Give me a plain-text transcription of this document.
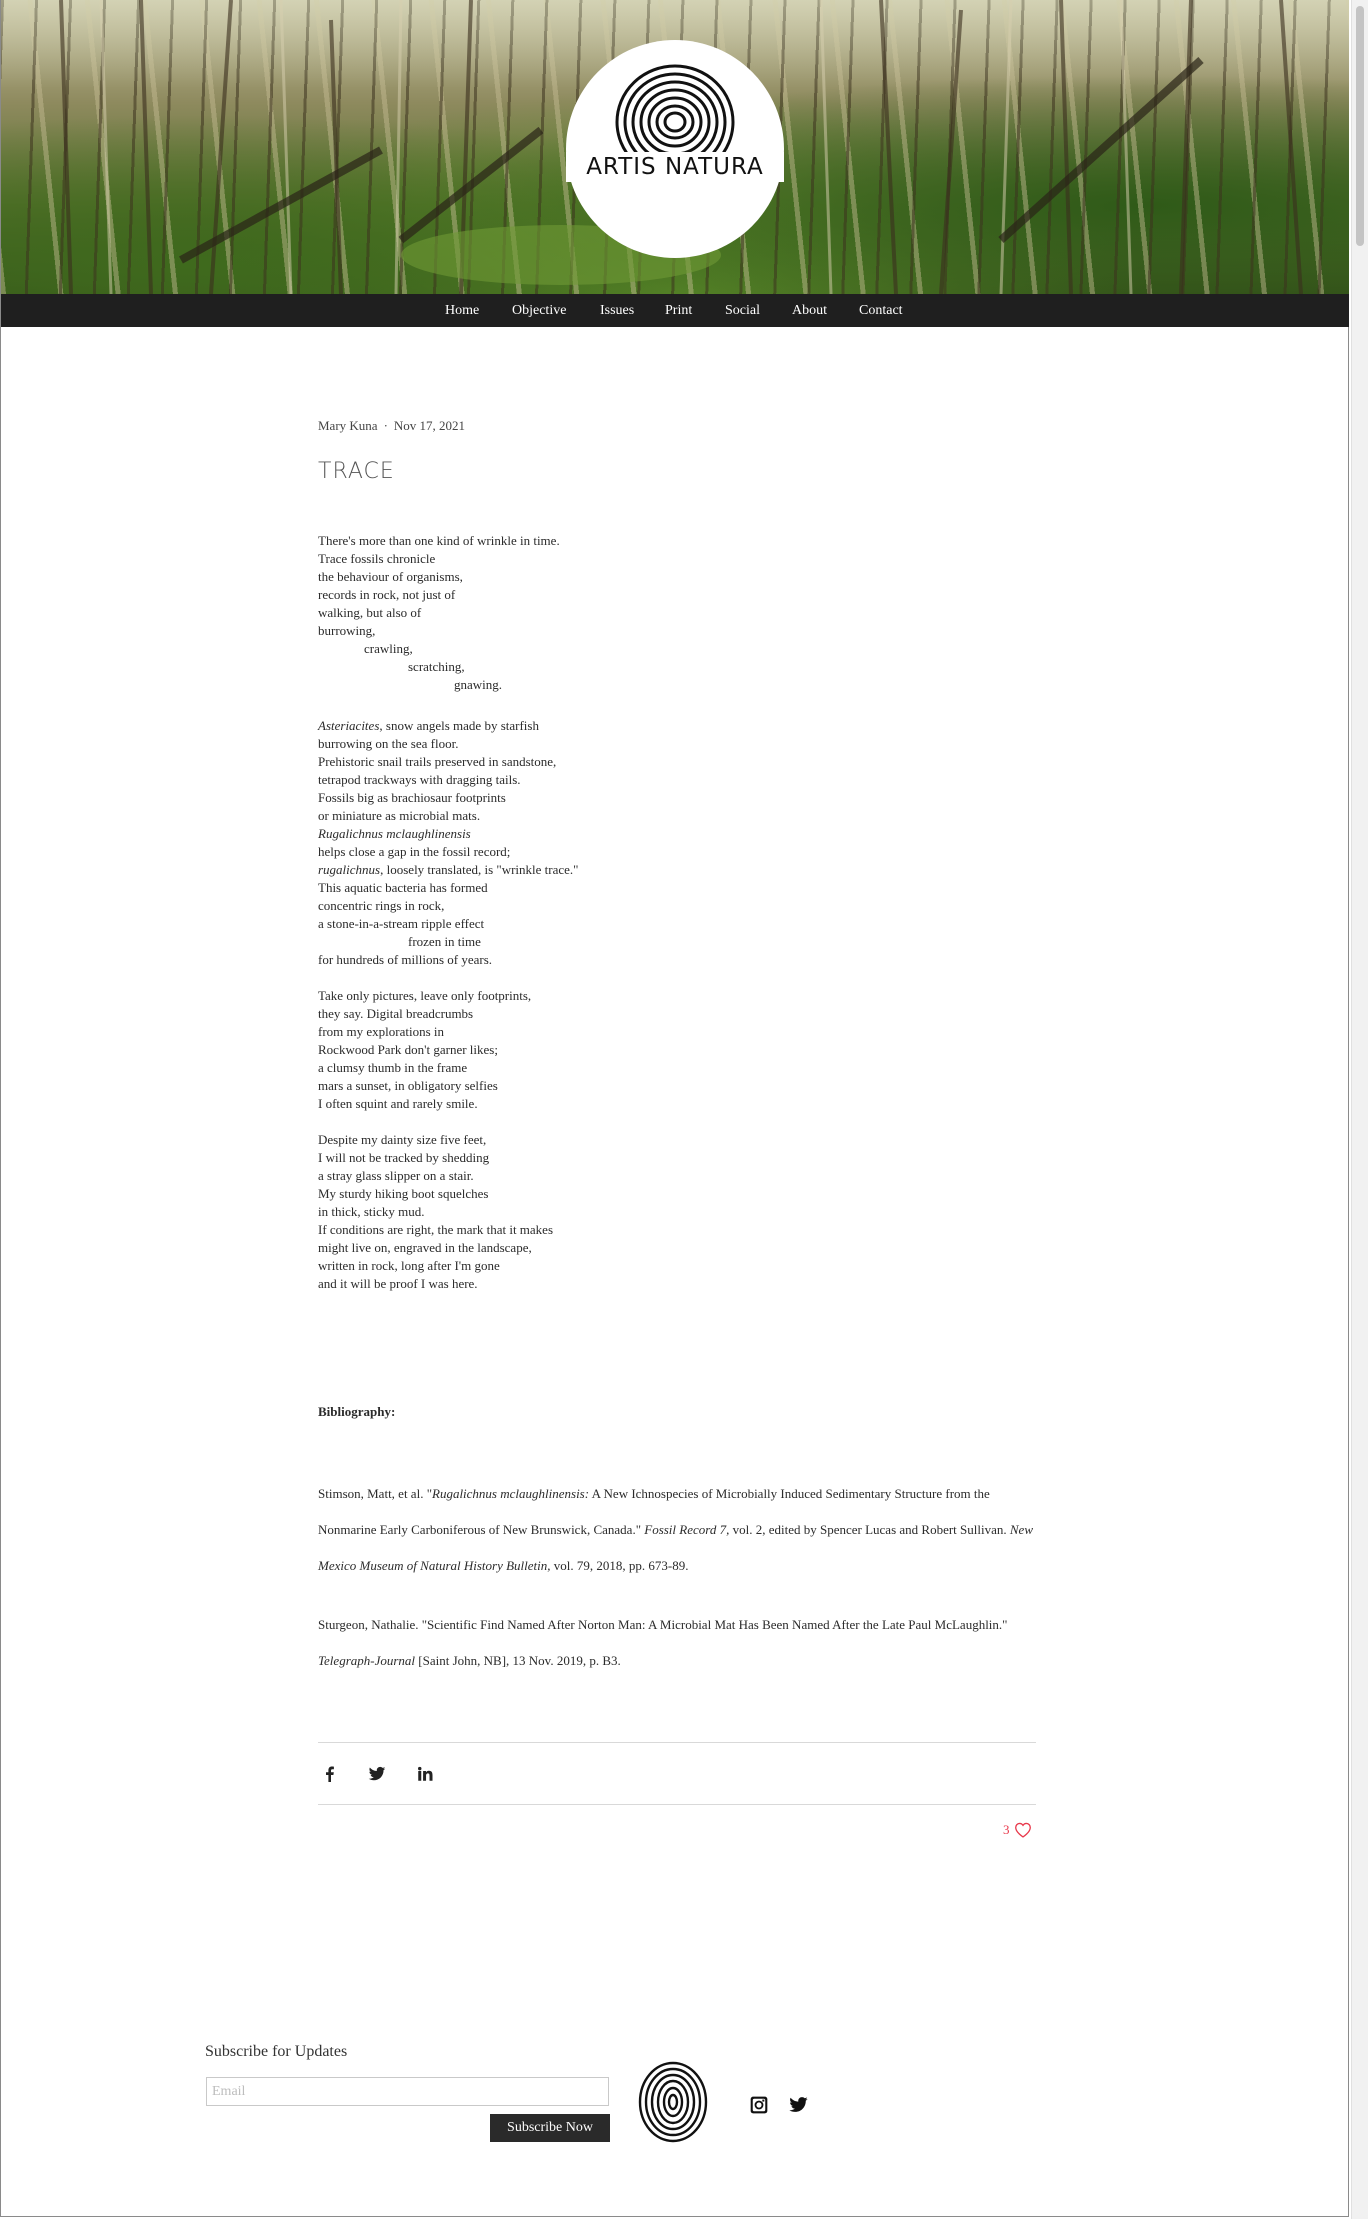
ARTIS NATURA
Home Objective Issues Print Social About Contact
Mary Kuna · Nov 17, 2021
TRACE
There's more than one kind of wrinkle in time.
Trace fossils chronicle
the behaviour of organisms,
records in rock, not just of
walking, but also of
burrowing,
crawling,
scratching,
gnawing.
Asteriacites, snow angels made by starfish
burrowing on the sea floor.
Prehistoric snail trails preserved in sandstone,
tetrapod trackways with dragging tails.
Fossils big as brachiosaur footprints
or miniature as microbial mats.
Rugalichnus mclaughlinensis
helps close a gap in the fossil record;
rugalichnus, loosely translated, is "wrinkle trace."
This aquatic bacteria has formed
concentric rings in rock,
a stone-in-a-stream ripple effect
frozen in time
for hundreds of millions of years.
Take only pictures, leave only footprints,
they say. Digital breadcrumbs
from my explorations in
Rockwood Park don't garner likes;
a clumsy thumb in the frame
mars a sunset, in obligatory selfies
I often squint and rarely smile.
Despite my dainty size five feet,
I will not be tracked by shedding
a stray glass slipper on a stair.
My sturdy hiking boot squelches
in thick, sticky mud.
If conditions are right, the mark that it makes
might live on, engraved in the landscape,
written in rock, long after I'm gone
and it will be proof I was here.
Bibliography:

Stimson, Matt, et al. "Rugalichnus mclaughlinensis: A New Ichnospecies of Microbially Induced Sedimentary Structure from the Nonmarine Early Carboniferous of New Brunswick, Canada." Fossil Record 7, vol. 2, edited by Spencer Lucas and Robert Sullivan. New Mexico Museum of Natural History Bulletin, vol. 79, 2018, pp. 673-89.

Sturgeon, Nathalie. "Scientific Find Named After Norton Man: A Microbial Mat Has Been Named After the Late Paul McLaughlin." Telegraph-Journal [Saint John, NB], 13 Nov. 2019, p. B3.

3
Subscribe for Updates
Email
Subscribe Now
